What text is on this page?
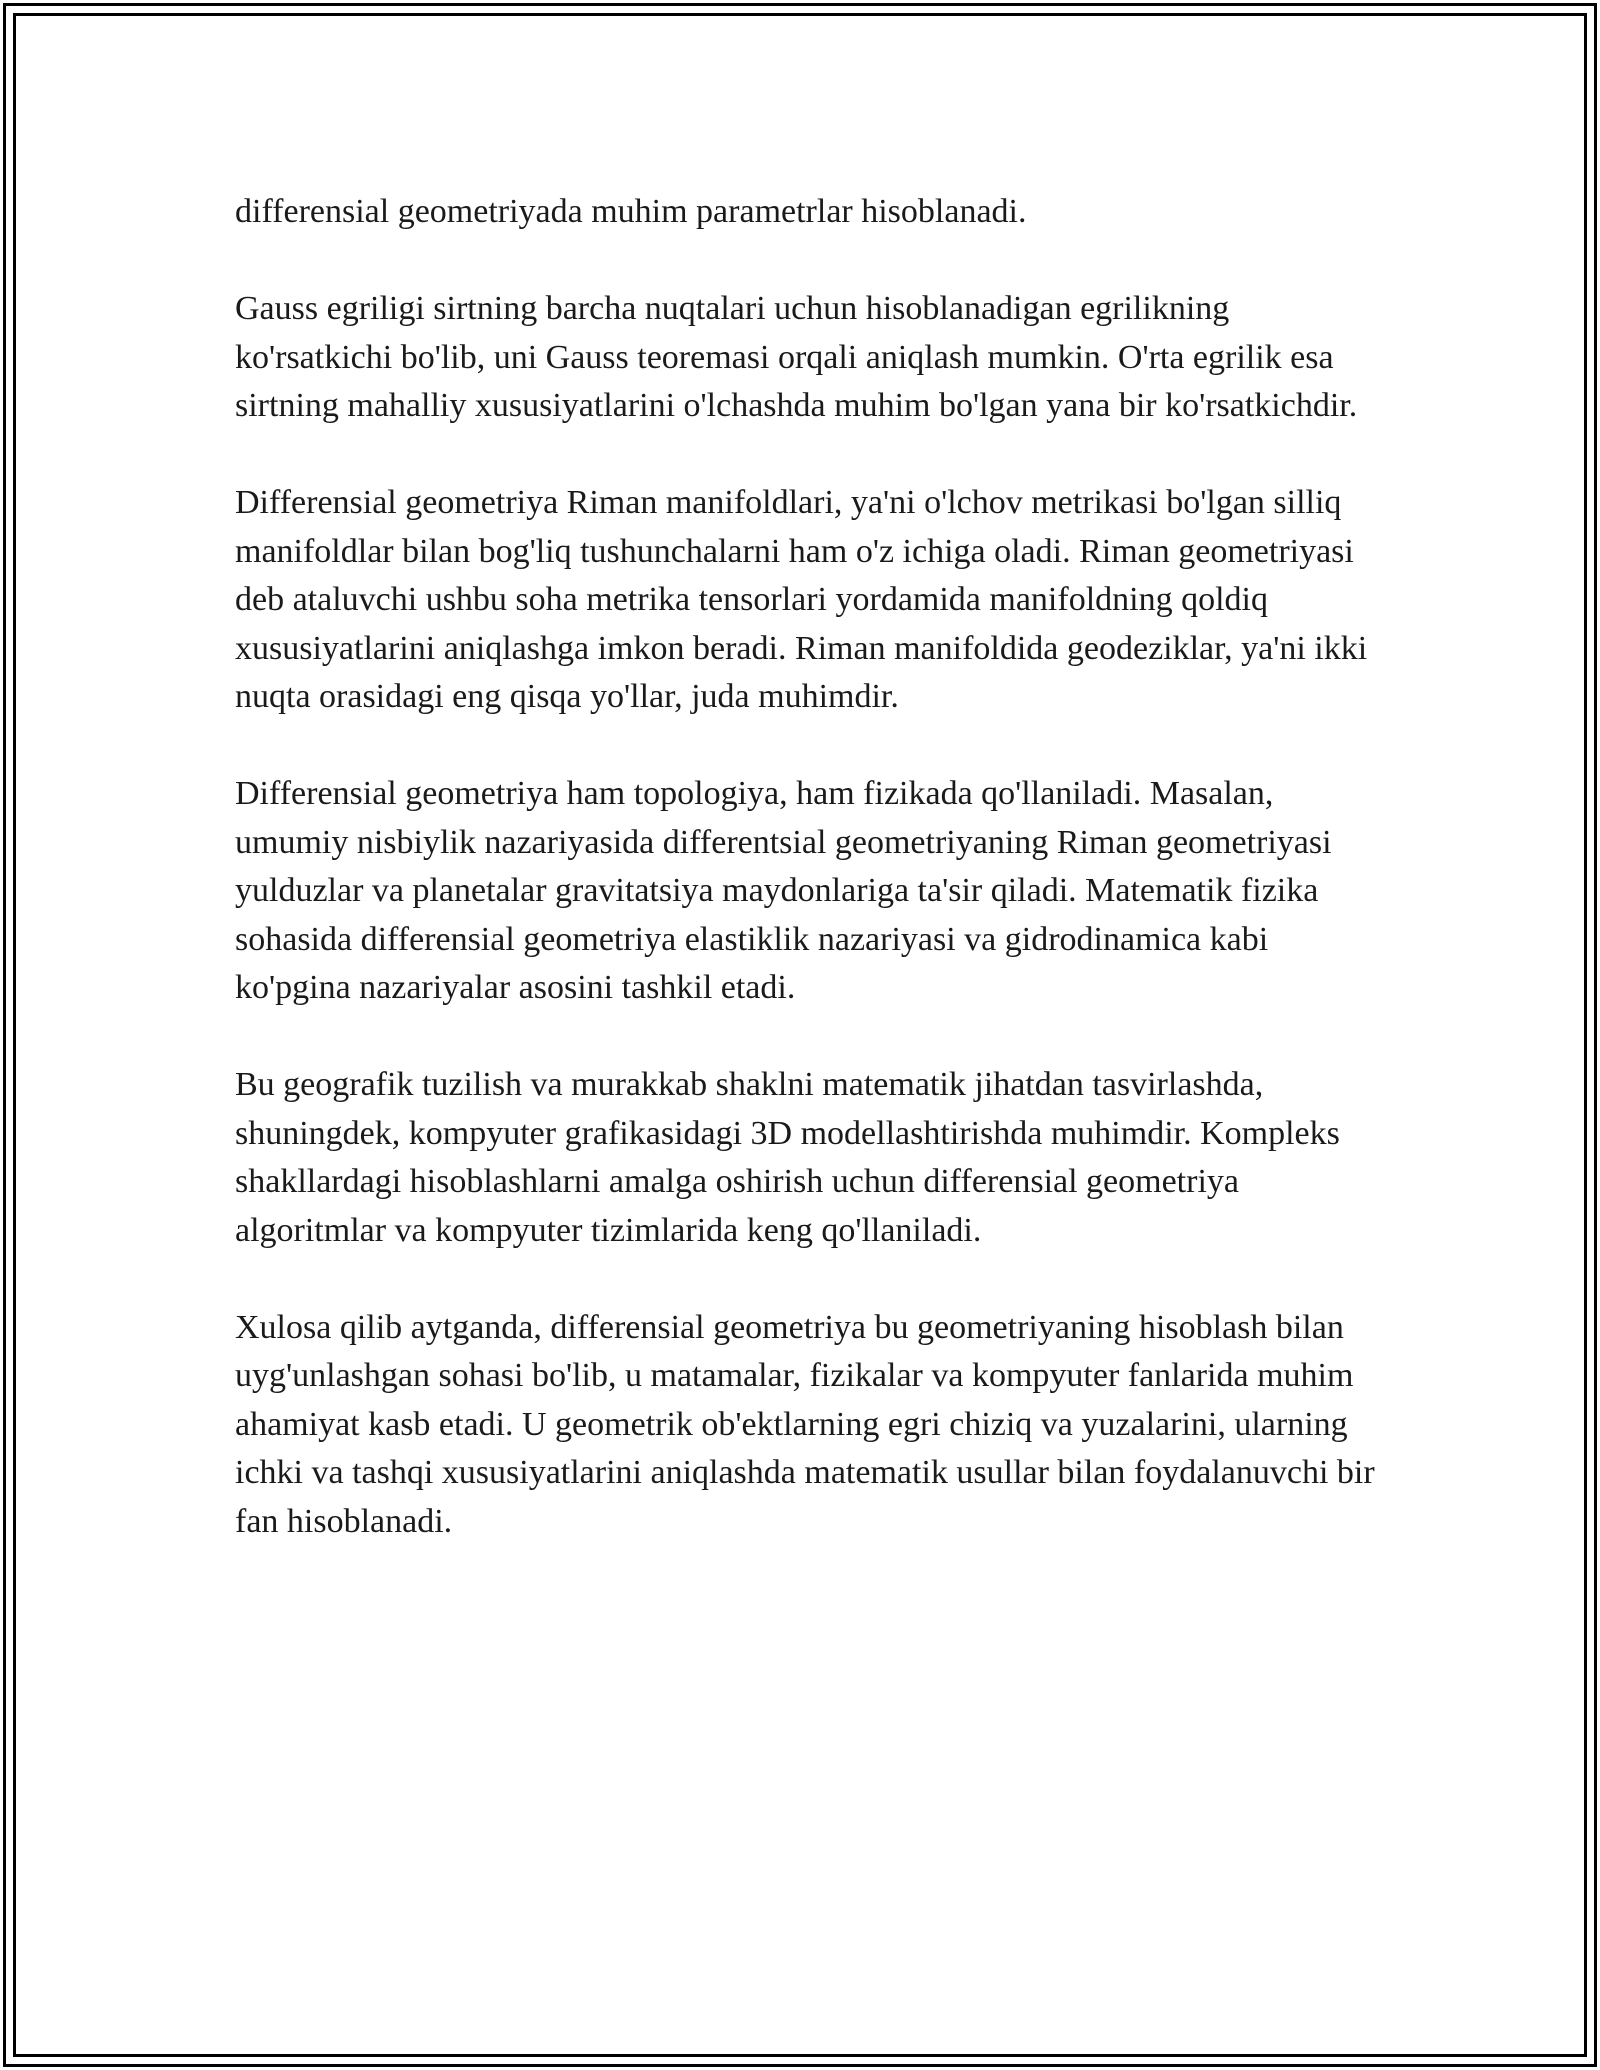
differensial geometriyada muhim parametrlar hisoblanadi.

Gauss egriligi sirtning barcha nuqtalari uchun hisoblanadigan egrilikning ko'rsatkichi bo'lib, uni Gauss teoremasi orqali aniqlash mumkin. O'rta egrilik esa sirtning mahalliy xususiyatlarini o'lchashda muhim bo'lgan yana bir ko'rsatkichdir.

Differensial geometriya Riman manifoldlari, ya'ni o'lchov metrikasi bo'lgan silliq manifoldlar bilan bog'liq tushunchalarni ham o'z ichiga oladi. Riman geometriyasi deb ataluvchi ushbu soha metrika tensorlari yordamida manifoldning qoldiq xususiyatlarini aniqlashga imkon beradi. Riman manifoldida geodeziklar, ya'ni ikki nuqta orasidagi eng qisqa yo'llar, juda muhimdir.

Differensial geometriya ham topologiya, ham fizikada qo'llaniladi. Masalan, umumiy nisbiylik nazariyasida differentsial geometriyaning Riman geometriyasi yulduzlar va planetalar gravitatsiya maydonlariga ta'sir qiladi. Matematik fizika sohasida differensial geometriya elastiklik nazariyasi va gidrodinamica kabi ko'pgina nazariyalar asosini tashkil etadi.

Bu geografik tuzilish va murakkab shaklni matematik jihatdan tasvirlashda, shuningdek, kompyuter grafikasidagi 3D modellashtirishda muhimdir. Kompleks shakllardagi hisoblashlarni amalga oshirish uchun differensial geometriya algoritmlar va kompyuter tizimlarida keng qo'llaniladi.

Xulosa qilib aytganda, differensial geometriya bu geometriyaning hisoblash bilan uyg'unlashgan sohasi bo'lib, u matamalar, fizikalar va kompyuter fanlarida muhim ahamiyat kasb etadi. U geometrik ob'ektlarning egri chiziq va yuzalarini, ularning ichki va tashqi xususiyatlarini aniqlashda matematik usullar bilan foydalanuvchi bir fan hisoblanadi.
